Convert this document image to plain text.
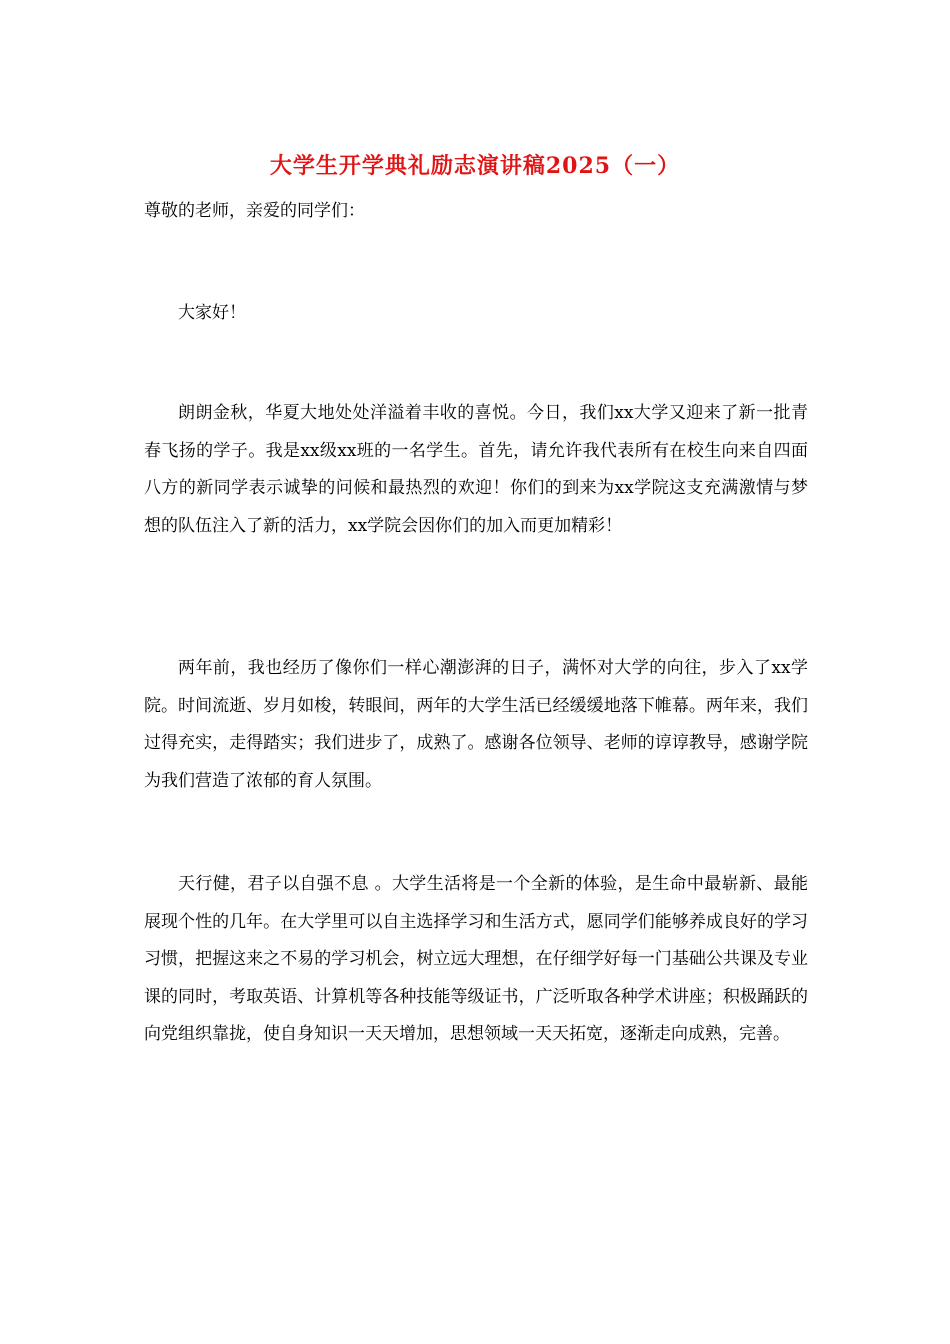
大学生开学典礼励志演讲稿2025（一）

尊敬的老师，亲爱的同学们：

大家好！

朗朗金秋，华夏大地处处洋溢着丰收的喜悦。今日，我们xx大学又迎来了新一批青春飞扬的学子。我是xx级xx班的一名学生。首先，请允许我代表所有在校生向来自四面八方的新同学表示诚挚的问候和最热烈的欢迎！你们的到来为xx学院这支充满激情与梦想的队伍注入了新的活力，xx学院会因你们的加入而更加精彩！

两年前，我也经历了像你们一样心潮澎湃的日子，满怀对大学的向往，步入了xx学院。时间流逝、岁月如梭，转眼间，两年的大学生活已经缓缓地落下帷幕。两年来，我们过得充实，走得踏实；我们进步了，成熟了。感谢各位领导、老师的谆谆教导，感谢学院为我们营造了浓郁的育人氛围。

天行健，君子以自强不息 。大学生活将是一个全新的体验，是生命中最崭新、最能展现个性的几年。在大学里可以自主选择学习和生活方式，愿同学们能够养成良好的学习习惯，把握这来之不易的学习机会，树立远大理想，在仔细学好每一门基础公共课及专业课的同时，考取英语、计算机等各种技能等级证书，广泛听取各种学术讲座；积极踊跃的向党组织靠拢，使自身知识一天天增加，思想领域一天天拓宽，逐渐走向成熟，完善。
